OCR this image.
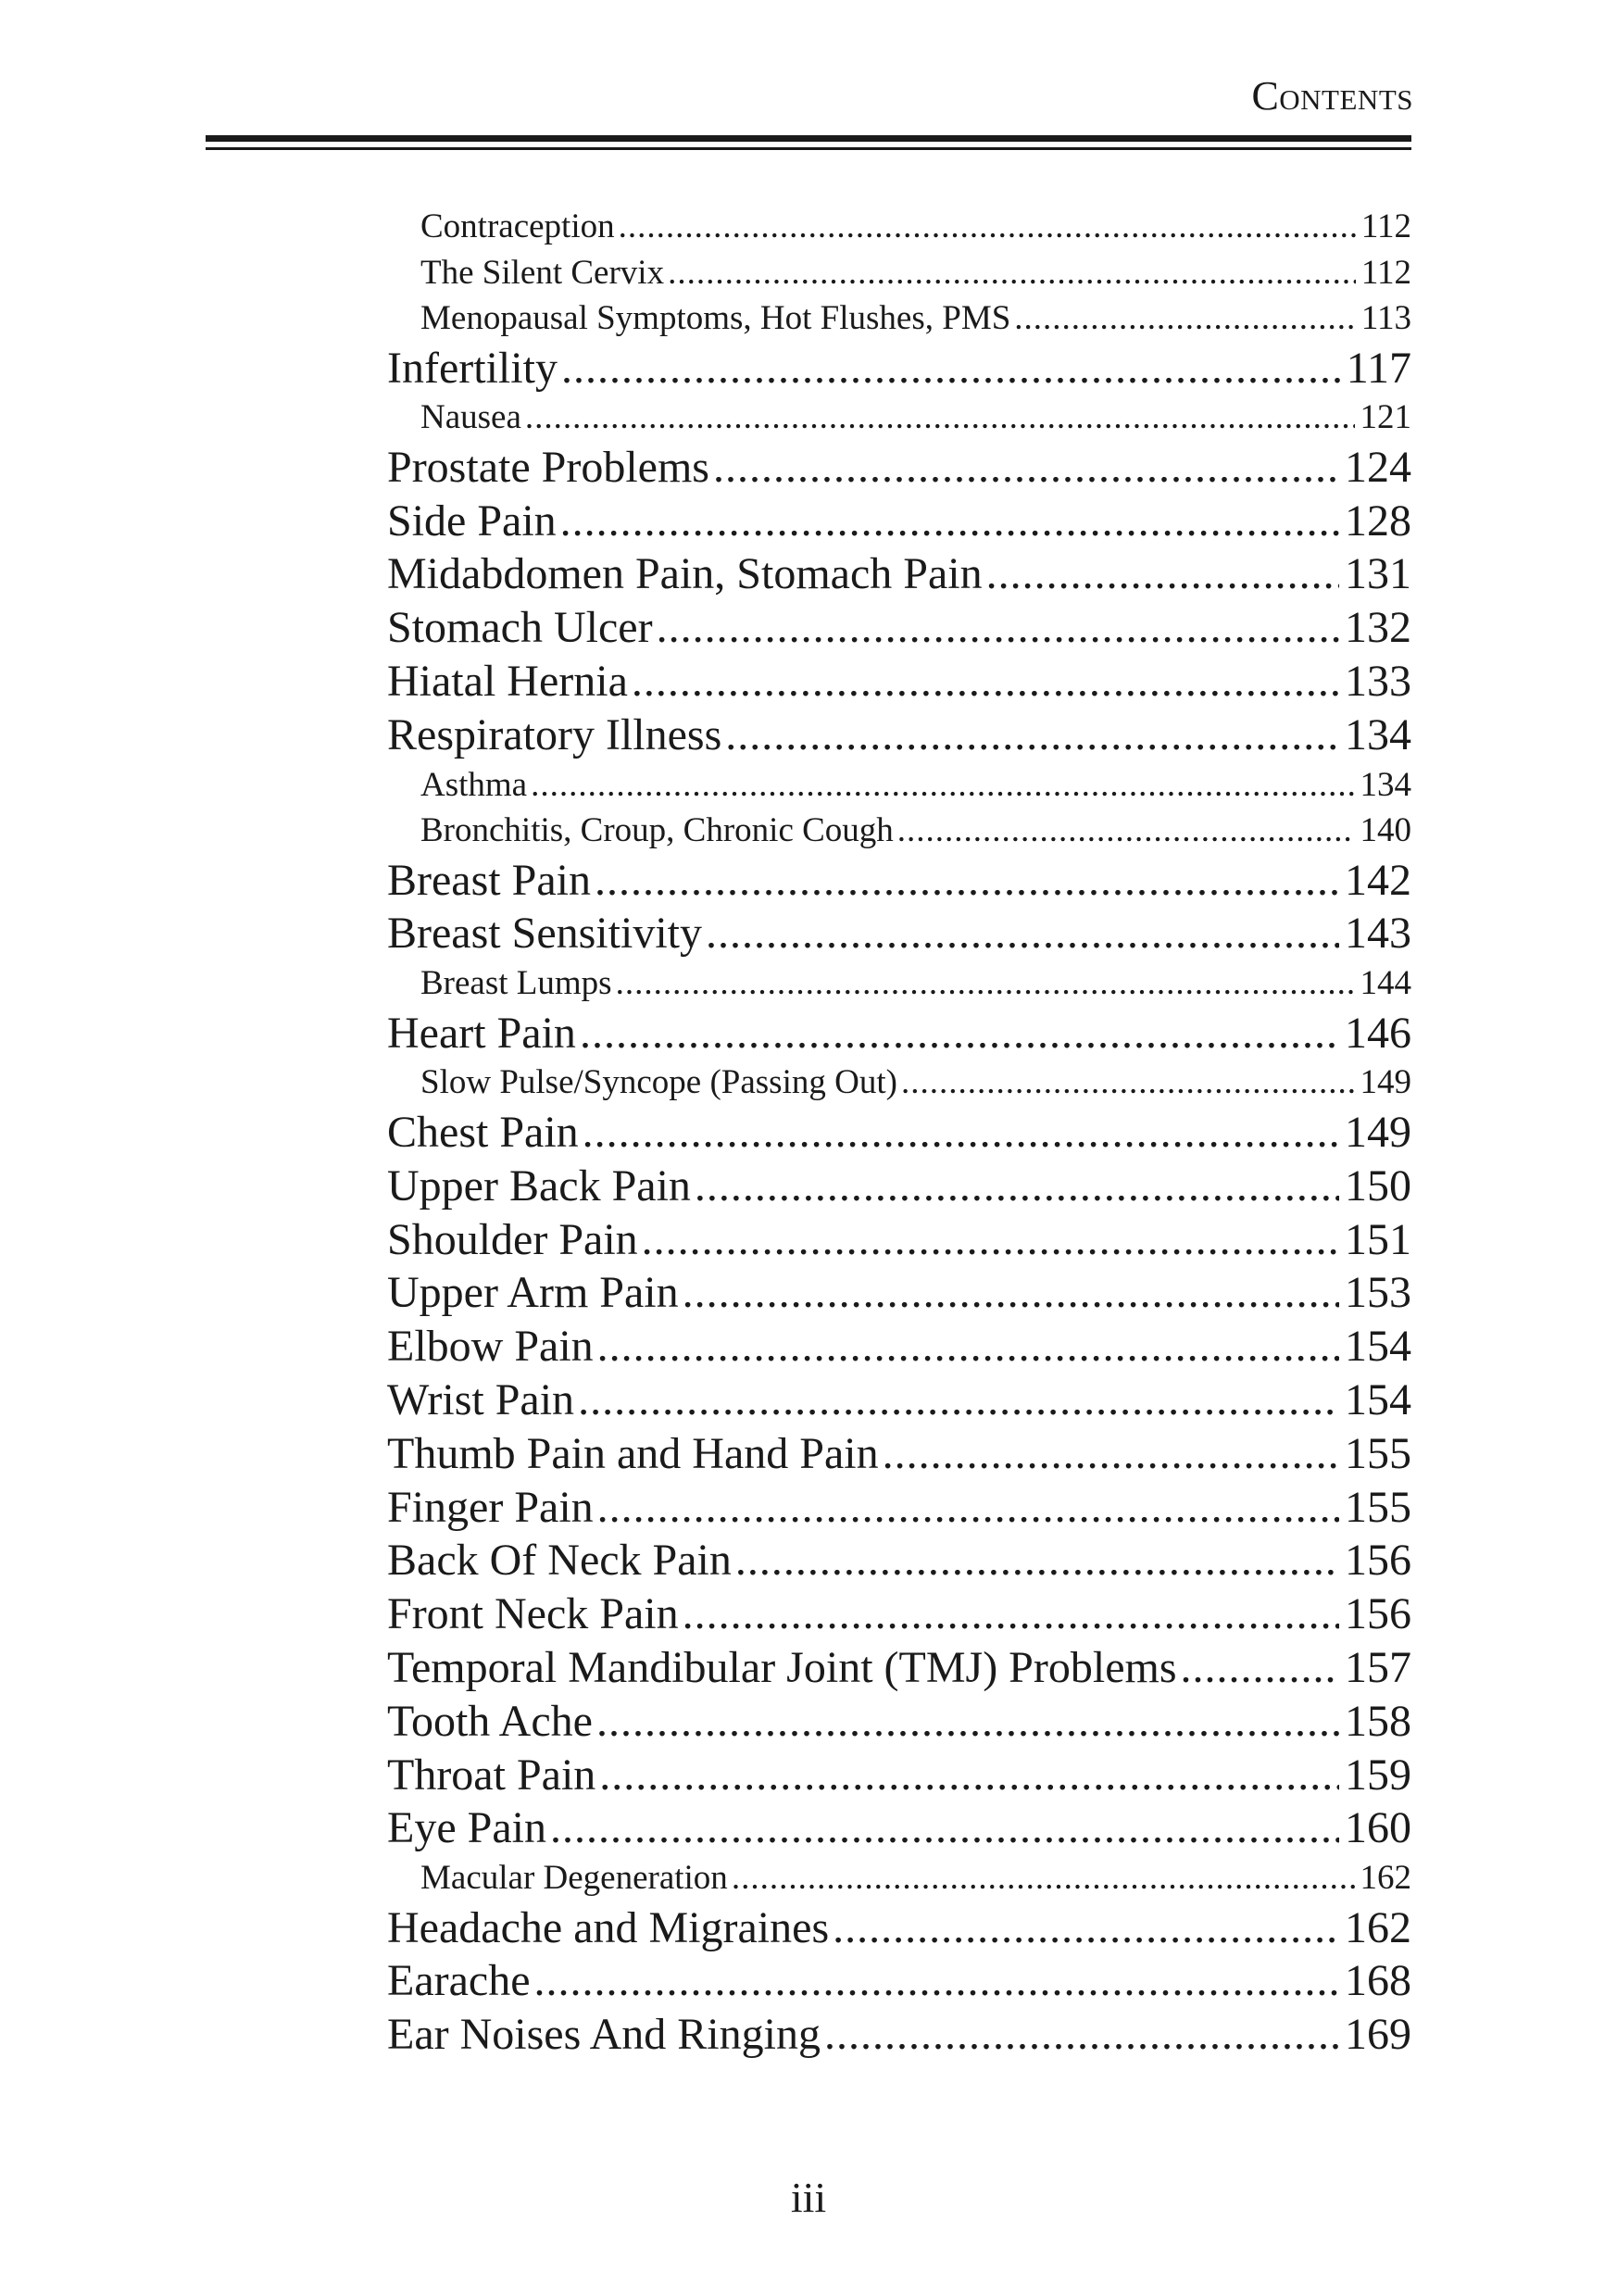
Contents
Contraception .....	112
The Silent Cervix .....	112
Menopausal Symptoms, Hot Flushes, PMS .....	113
Infertility .....	117
Nausea .....	121
Prostate Problems .....	124
Side Pain .....	128
Midabdomen Pain, Stomach Pain .....	131
Stomach Ulcer .....	132
Hiatal Hernia .....	133
Respiratory Illness .....	134
Asthma .....	134
Bronchitis, Croup, Chronic Cough .....	140
Breast Pain .....	142
Breast Sensitivity .....	143
Breast Lumps .....	144
Heart Pain .....	146
Slow Pulse/Syncope (Passing Out) .....	149
Chest Pain .....	149
Upper Back Pain .....	150
Shoulder Pain .....	151
Upper Arm Pain .....	153
Elbow Pain .....	154
Wrist Pain .....	154
Thumb Pain and Hand Pain .....	155
Finger Pain .....	155
Back Of Neck Pain .....	156
Front Neck Pain .....	156
Temporal Mandibular Joint (TMJ) Problems .....	157
Tooth Ache .....	158
Throat Pain .....	159
Eye Pain .....	160
Macular Degeneration .....	162
Headache and Migraines .....	162
Earache .....	168
Ear Noises And Ringing .....	169
iii
